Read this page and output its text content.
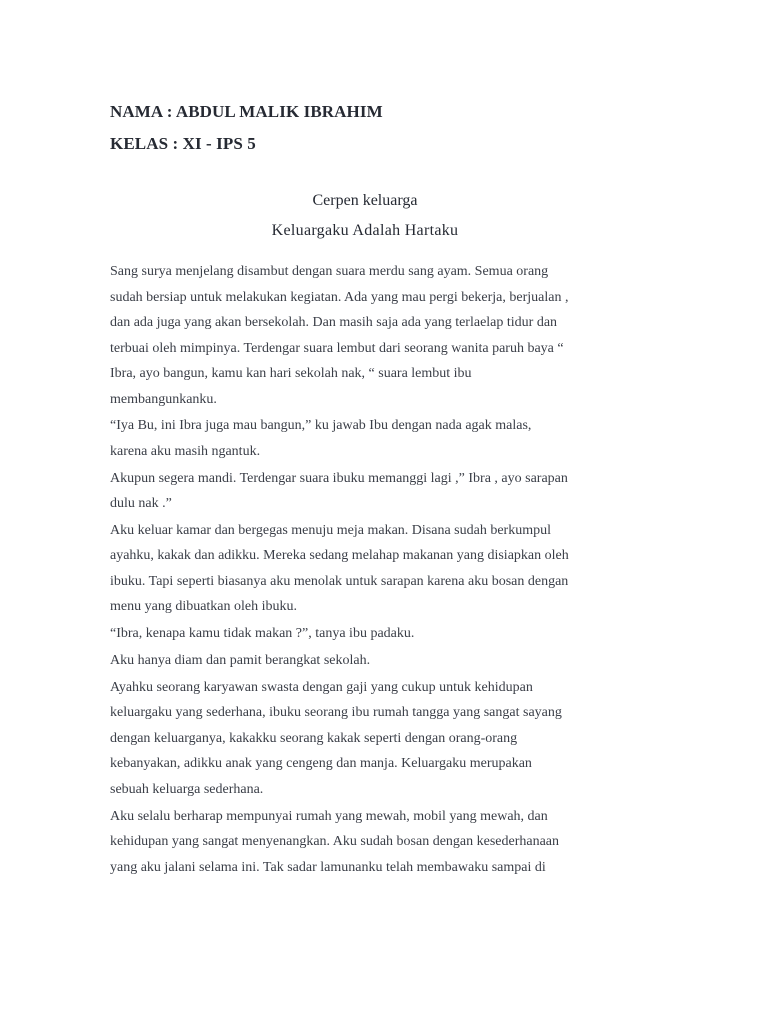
NAMA : ABDUL MALIK IBRAHIM
KELAS : XI - IPS 5
Cerpen keluarga
Keluargaku Adalah Hartaku
Sang surya menjelang disambut dengan suara merdu sang ayam. Semua orang
sudah bersiap untuk melakukan kegiatan. Ada yang mau pergi bekerja, berjualan ,
dan ada juga yang akan bersekolah. Dan masih saja ada yang terlaelap tidur dan
terbuai oleh mimpinya. Terdengar suara lembut dari seorang wanita paruh baya “
Ibra, ayo bangun, kamu kan hari sekolah nak, “ suara lembut ibu
membangunkanku.
“Iya Bu, ini Ibra juga mau bangun,” ku jawab Ibu dengan nada agak malas,
karena aku masih ngantuk.
Akupun segera mandi. Terdengar suara ibuku memanggi lagi ,” Ibra , ayo sarapan
dulu nak .”
Aku keluar kamar dan bergegas menuju meja makan. Disana sudah berkumpul
ayahku, kakak dan adikku. Mereka sedang melahap makanan yang disiapkan oleh
ibuku. Tapi seperti biasanya aku menolak untuk sarapan karena aku bosan dengan
menu yang dibuatkan oleh ibuku.
“Ibra, kenapa kamu tidak makan ?”, tanya ibu padaku.
Aku hanya diam dan pamit berangkat sekolah.
Ayahku seorang karyawan swasta dengan gaji yang cukup untuk kehidupan
keluargaku yang sederhana, ibuku seorang ibu rumah tangga yang sangat sayang
dengan keluarganya, kakakku seorang kakak seperti dengan orang-orang
kebanyakan, adikku anak yang cengeng dan manja. Keluargaku merupakan
sebuah keluarga sederhana.
Aku selalu berharap mempunyai rumah yang mewah, mobil yang mewah, dan
kehidupan yang sangat menyenangkan. Aku sudah bosan dengan kesederhanaan
yang aku jalani selama ini. Tak sadar lamunanku telah membawaku sampai di
